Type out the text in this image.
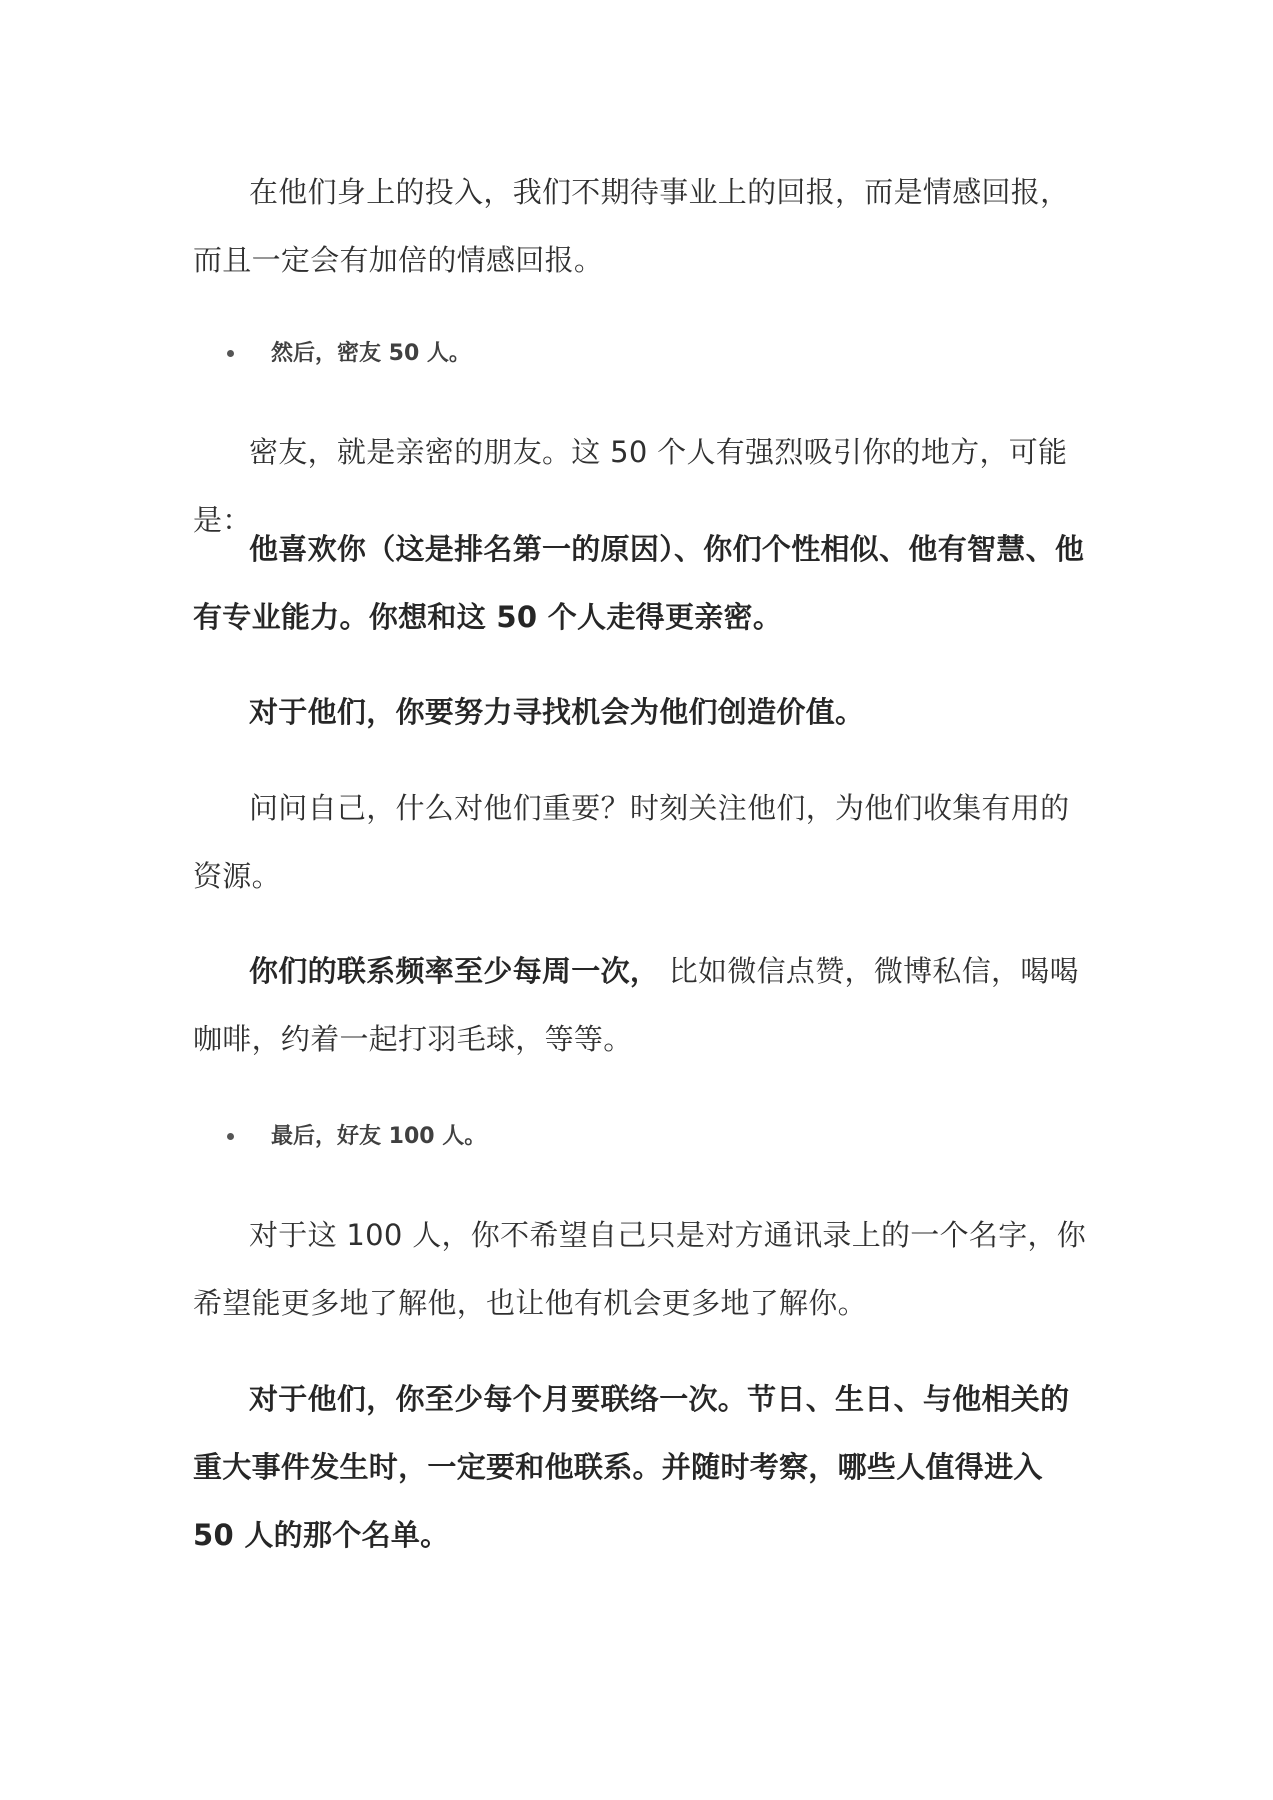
在他们身上的投入，我们不期待事业上的回报，而是情感回报，而且一定会有加倍的情感回报。

然后，密友 50 人。

密友，就是亲密的朋友。这 50 个人有强烈吸引你的地方，可能是：

他喜欢你（这是排名第一的原因）、你们个性相似、他有智慧、他有专业能力。你想和这 50 个人走得更亲密。

对于他们，你要努力寻找机会为他们创造价值。

问问自己，什么对他们重要？时刻关注他们，为他们收集有用的资源。

你们的联系频率至少每周一次， 比如微信点赞，微博私信，喝喝咖啡，约着一起打羽毛球，等等。

最后，好友 100 人。

对于这 100 人，你不希望自己只是对方通讯录上的一个名字，你希望能更多地了解他，也让他有机会更多地了解你。

对于他们，你至少每个月要联络一次。节日、生日、与他相关的重大事件发生时，一定要和他联系。并随时考察，哪些人值得进入 50 人的那个名单。
